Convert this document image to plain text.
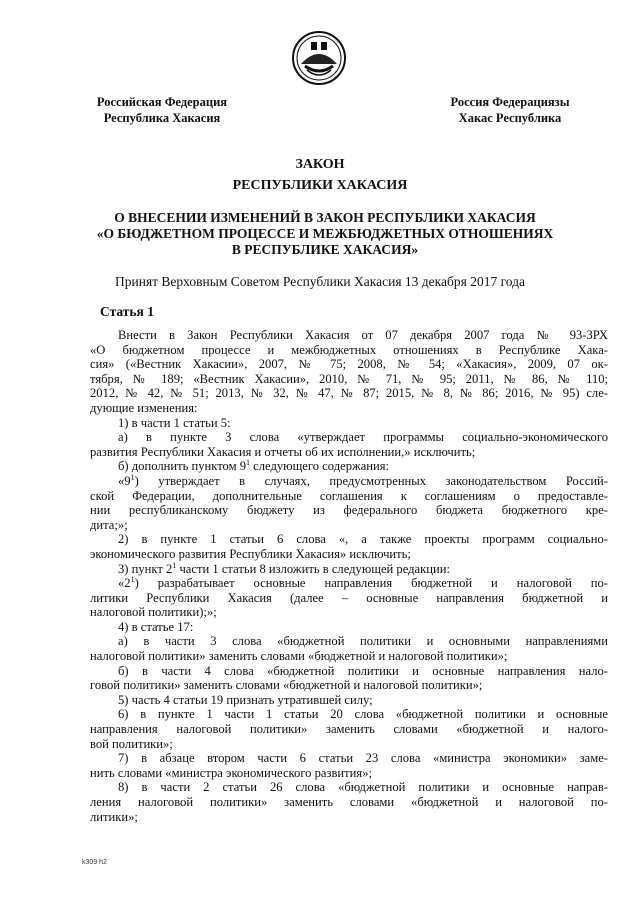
Российская Федерация
Республика Хакасия
Россия Федерациязы
Хакас Республика
ЗАКОН
РЕСПУБЛИКИ ХАКАСИЯ
О ВНЕСЕНИИ ИЗМЕНЕНИЙ В ЗАКОН РЕСПУБЛИКИ ХАКАСИЯ
«О БЮДЖЕТНОМ ПРОЦЕССЕ И МЕЖБЮДЖЕТНЫХ ОТНОШЕНИЯХ
В РЕСПУБЛИКЕ ХАКАСИЯ»
Принят Верховным Советом Республики Хакасия 13 декабря 2017 года
Статья 1

Внести в Закон Республики Хакасия от 07 декабря 2007 года № 93-ЗРХ

«О бюджетном процессе и межбюджетных отношениях в Республике Хака-

сия» («Вестник Хакасии», 2007, № 75; 2008, № 54; «Хакасия», 2009, 07 ок-

тября, № 189; «Вестник Хакасии», 2010, № 71, № 95; 2011, № 86, № 110;

2012, № 42, № 51; 2013, № 32, № 47, № 87; 2015, № 8, № 86; 2016, № 95) сле-

дующие изменения:

1) в части 1 статьи 5:

а) в пункте 3 слова «утверждает программы социально-экономического

развития Республики Хакасия и отчеты об их исполнении,» исключить;

б) дополнить пунктом $9^1$ следующего содержания:

«$9^1$) утверждает в случаях, предусмотренных законодательством Россий-

ской Федерации, дополнительные соглашения к соглашениям о предоставле-

нии республиканскому бюджету из федерального бюджета бюджетного кре-

дита;»;

2) в пункте 1 статьи 6 слова «, а также проекты программ социально-

экономического развития Республики Хакасия» исключить;

3) пункт $2^1$ части 1 статьи 8 изложить в следующей редакции:

«$2^1$) разрабатывает основные направления бюджетной и налоговой по-

литики Республики Хакасия (далее – основные направления бюджетной и

налоговой политики);»;

4) в статье 17:

а) в части 3 слова «бюджетной политики и основными направлениями

налоговой политики» заменить словами «бюджетной и налоговой политики»;

б) в части 4 слова «бюджетной политики и основные направления нало-

говой политики» заменить словами «бюджетной и налоговой политики»;

5) часть 4 статьи 19 признать утратившей силу;

6) в пункте 1 части 1 статьи 20 слова «бюджетной политики и основные

направления налоговой политики» заменить словами «бюджетной и налого-

вой политики»;

7) в абзаце втором части 6 статьи 23 слова «министра экономики» заме-

нить словами «министра экономического развития»;

8) в части 2 статьи 26 слова «бюджетной политики и основные направ-

ления налоговой политики» заменить словами «бюджетной и налоговой по-

литики»;

k309 h2
